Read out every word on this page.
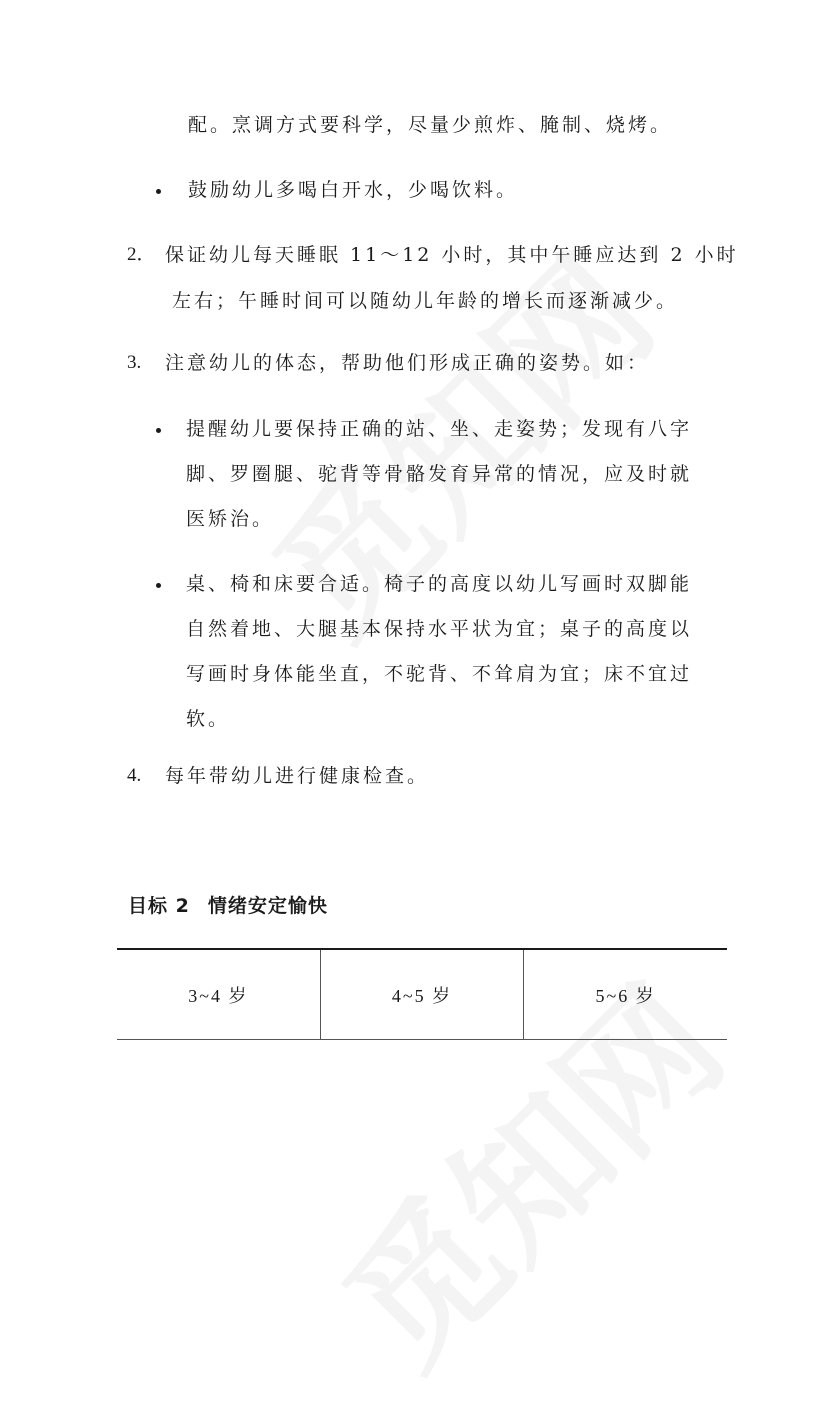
配。烹调方式要科学，尽量少煎炸、腌制、烧烤。
鼓励幼儿多喝白开水，少喝饮料。
2． 保证幼儿每天睡眠 11～12 小时，其中午睡应达到 2 小时
左右；午睡时间可以随幼儿年龄的增长而逐渐减少。
3. 注意幼儿的体态，帮助他们形成正确的姿势。如：
提醒幼儿要保持正确的站、坐、走姿势；发现有八字
脚、罗圈腿、驼背等骨骼发育异常的情况，应及时就
医矫治。
桌、椅和床要合适。椅子的高度以幼儿写画时双脚能
自然着地、大腿基本保持水平状为宜；桌子的高度以
写画时身体能坐直，不驼背、不耸肩为宜；床不宜过
软。
4. 每年带幼儿进行健康检查。
目标 2 情绪安定愉快
3~4 岁	4~5 岁	5~6 岁
